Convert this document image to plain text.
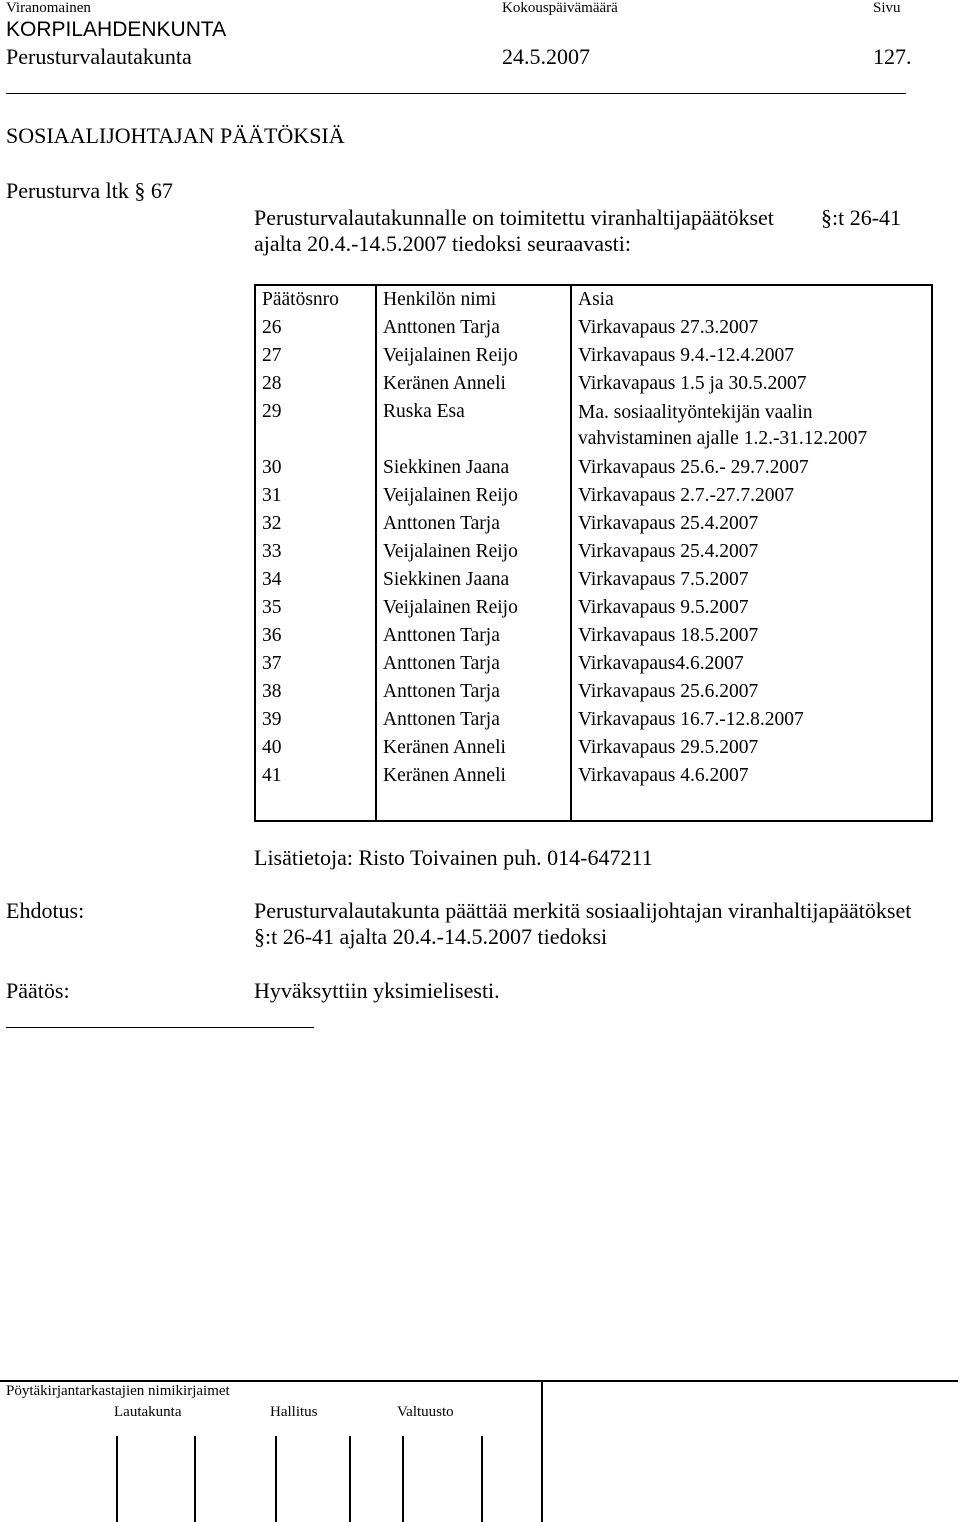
Viranomainen	Kokouspäivämäärä	Sivu
KORPILAHDENKUNTA
Perusturvalautakunta	24.5.2007	127.
SOSIAALIJOHTAJAN PÄÄTÖKSIÄ
Perusturva ltk § 67
Perusturvalautakunnalle on toimitettu viranhaltijapäätökset §:t 26-41
ajalta 20.4.-14.5.2007 tiedoksi seuraavasti:
Päätösnro	Henkilön nimi	Asia
26	Anttonen Tarja	Virkavapaus 27.3.2007
27	Veijalainen Reijo	Virkavapaus 9.4.-12.4.2007
28	Keränen Anneli	Virkavapaus 1.5 ja 30.5.2007
29	Ruska Esa	Ma. sosiaalityöntekijän vaalin
vahvistaminen ajalle 1.2.-31.12.2007

30	Siekkinen Jaana	Virkavapaus 25.6.- 29.7.2007
31	Veijalainen Reijo	Virkavapaus 2.7.-27.7.2007
32	Anttonen Tarja	Virkavapaus 25.4.2007
33	Veijalainen Reijo	Virkavapaus 25.4.2007
34	Siekkinen Jaana	Virkavapaus 7.5.2007
35	Veijalainen Reijo	Virkavapaus 9.5.2007
36	Anttonen Tarja	Virkavapaus 18.5.2007
37	Anttonen Tarja	Virkavapaus4.6.2007
38	Anttonen Tarja	Virkavapaus 25.6.2007
39	Anttonen Tarja	Virkavapaus 16.7.-12.8.2007
40	Keränen Anneli	Virkavapaus 29.5.2007
41	Keränen Anneli	Virkavapaus 4.6.2007

Lisätietoja: Risto Toivainen puh. 014-647211
Ehdotus:	Perusturvalautakunta päättää merkitä sosiaalijohtajan viranhaltijapäätökset
§:t 26-41 ajalta 20.4.-14.5.2007 tiedoksi
Päätös:	Hyväksyttiin yksimielisesti.
Pöytäkirjantarkastajien nimikirjaimet
Lautakunta	Hallitus	Valtuusto
